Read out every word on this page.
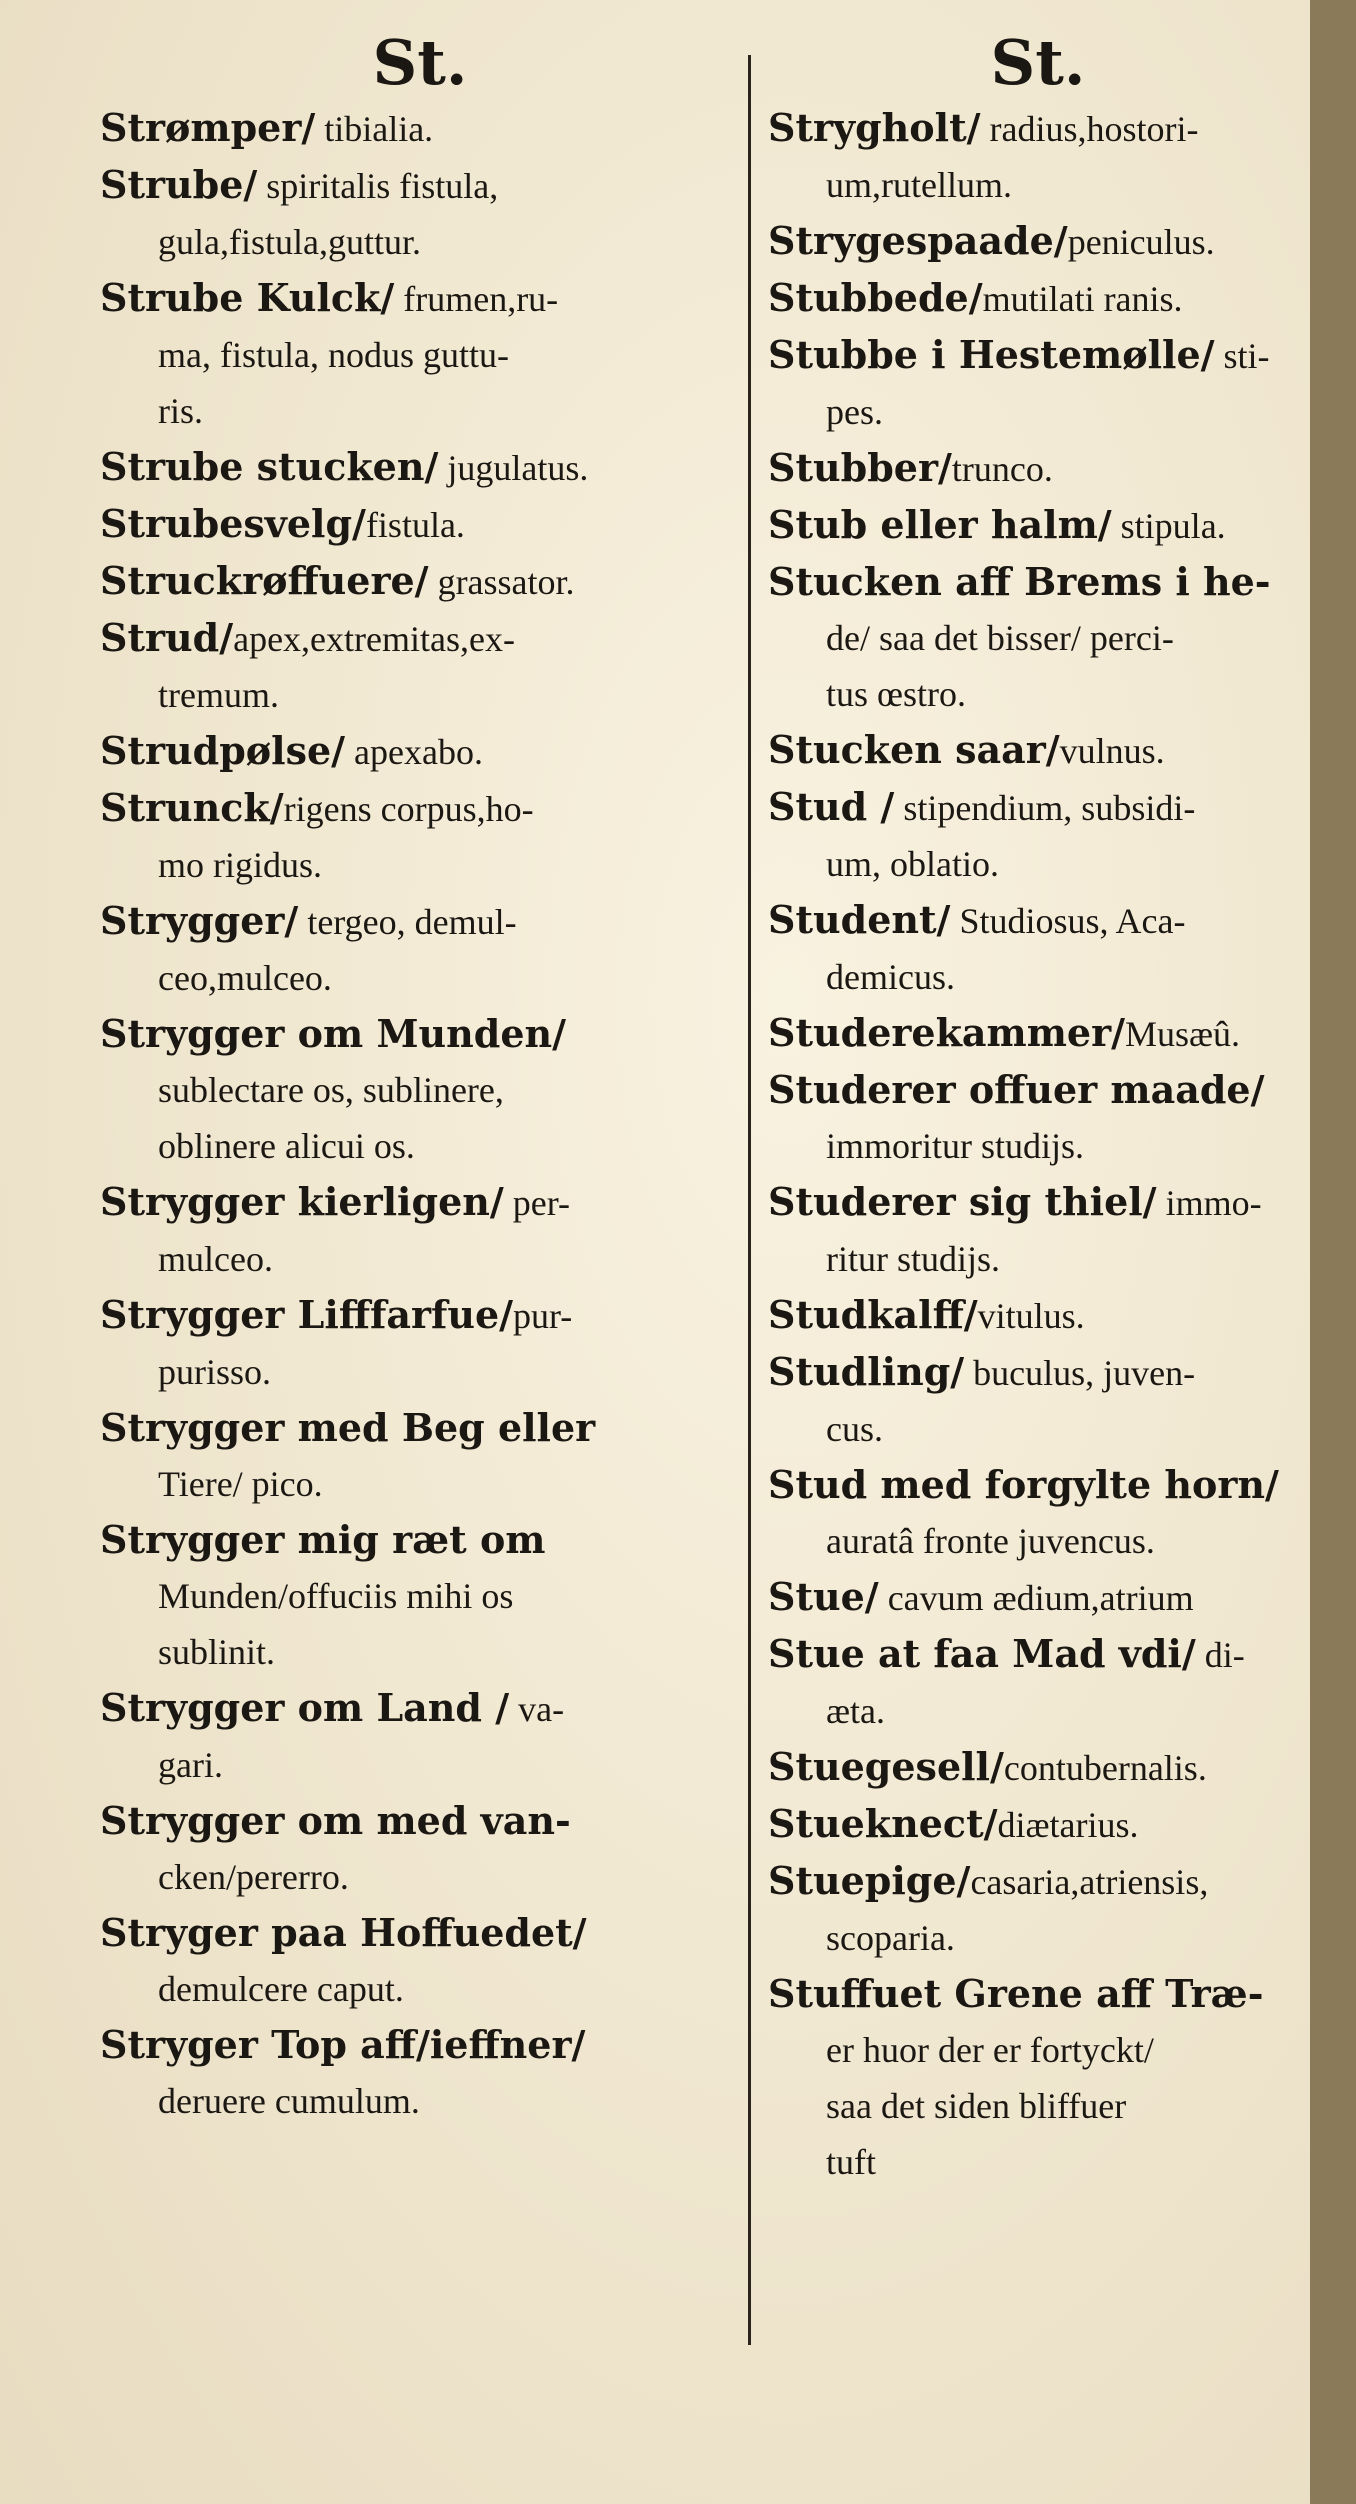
St.
Strømper/ tibialia.
Strube/ spiritalis fistula,
gula,fistula,guttur.
Strube Kulck/ frumen,ru-
ma, fistula, nodus guttu-
ris.
Strube stucken/ jugulatus.
Strubesvelg/fistula.
Struckrøffuere/ grassator.
Strud/apex,extremitas,ex-
tremum.
Strudpølse/ apexabo.
Strunck/rigens corpus,ho-
mo rigidus.
Strygger/ tergeo, demul-
ceo,mulceo.
Strygger om Munden/
sublectare os, sublinere,
oblinere alicui os.
Strygger kierligen/ per-
mulceo.
Strygger Lifffarfue/pur-
purisso.
Strygger med Beg eller
Tiere/ pico.
Strygger mig ræt om
Munden/offuciis mihi os
sublinit.
Strygger om Land / va-
gari.
Strygger om med van-
cken/pererro.
Stryger paa Hoffuedet/
demulcere caput.
Stryger Top aff/ieffner/
deruere cumulum.
St.
Strygholt/ radius,hostori-
um,rutellum.
Strygespaade/peniculus.
Stubbede/mutilati ranis.
Stubbe i Hestemølle/ sti-
pes.
Stubber/trunco.
Stub eller halm/ stipula.
Stucken aff Brems i he-
de/ saa det bisser/ perci-
tus œstro.
Stucken saar/vulnus.
Stud / stipendium, subsidi-
um, oblatio.
Student/ Studiosus, Aca-
demicus.
Studerekammer/Musæû.
Studerer offuer maade/
immoritur studijs.
Studerer sig thiel/ immo-
ritur studijs.
Studkalff/vitulus.
Studling/ buculus, juven-
cus.
Stud med forgylte horn/
auratâ fronte juvencus.
Stue/ cavum ædium,atrium
Stue at faa Mad vdi/ di-
æta.
Stuegesell/contubernalis.
Stueknect/diætarius.
Stuepige/casaria,atriensis,
scoparia.
Stuffuet Grene aff Træ-
er huor der er fortyckt/
saa det siden bliffuer
tuft
